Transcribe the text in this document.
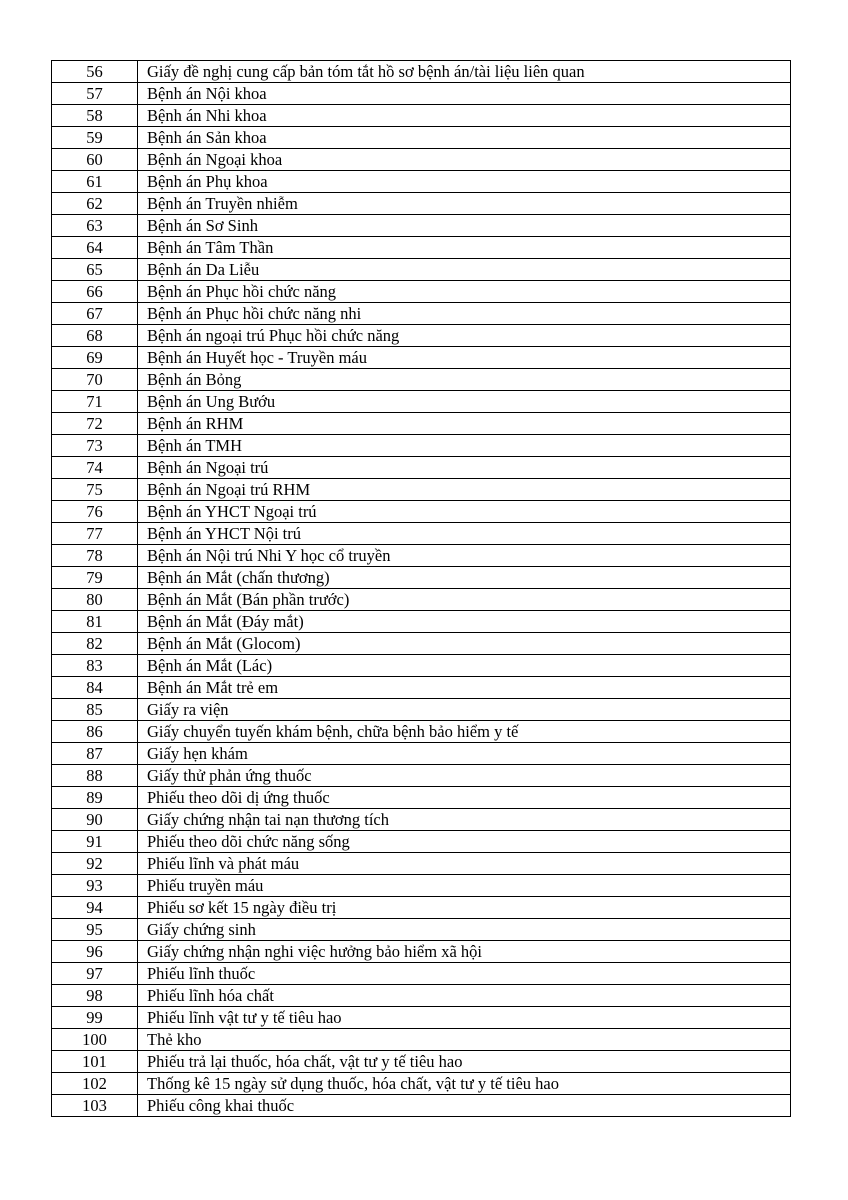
56	Giấy đề nghị cung cấp bản tóm tắt hồ sơ bệnh án/tài liệu liên quan
57	Bệnh án Nội khoa
58	Bệnh án Nhi khoa
59	Bệnh án Sản khoa
60	Bệnh án Ngoại khoa
61	Bệnh án Phụ khoa
62	Bệnh án Truyền nhiễm
63	Bệnh án Sơ Sinh
64	Bệnh án Tâm Thần
65	Bệnh án Da Liễu
66	Bệnh án Phục hồi chức năng
67	Bệnh án Phục hồi chức năng nhi
68	Bệnh án ngoại trú Phục hồi chức năng
69	Bệnh án Huyết học - Truyền máu
70	Bệnh án Bỏng
71	Bệnh án Ung Bướu
72	Bệnh án RHM
73	Bệnh án TMH
74	Bệnh án Ngoại trú
75	Bệnh án Ngoại trú RHM
76	Bệnh án YHCT Ngoại trú
77	Bệnh án YHCT Nội trú
78	Bệnh án Nội trú Nhi Y học cổ truyền
79	Bệnh án Mắt (chấn thương)
80	Bệnh án Mắt (Bán phần trước)
81	Bệnh án Mắt (Đáy mắt)
82	Bệnh án Mắt (Glocom)
83	Bệnh án Mắt (Lác)
84	Bệnh án Mắt trẻ em
85	Giấy ra viện
86	Giấy chuyển tuyến khám bệnh, chữa bệnh bảo hiểm y tế
87	Giấy hẹn khám
88	Giấy thử phản ứng thuốc
89	Phiếu theo dõi dị ứng thuốc
90	Giấy chứng nhận tai nạn thương tích
91	Phiếu theo dõi chức năng sống
92	Phiếu lĩnh và phát máu
93	Phiếu truyền máu
94	Phiếu sơ kết 15 ngày điều trị
95	Giấy chứng sinh
96	Giấy chứng nhận nghi việc hưởng bảo hiểm xã hội
97	Phiếu lĩnh thuốc
98	Phiếu lĩnh hóa chất
99	Phiếu lĩnh vật tư y tế tiêu hao
100	Thẻ kho
101	Phiếu trả lại thuốc, hóa chất, vật tư y tế tiêu hao
102	Thống kê 15 ngày sử dụng thuốc, hóa chất, vật tư y tế tiêu hao
103	Phiếu công khai thuốc
